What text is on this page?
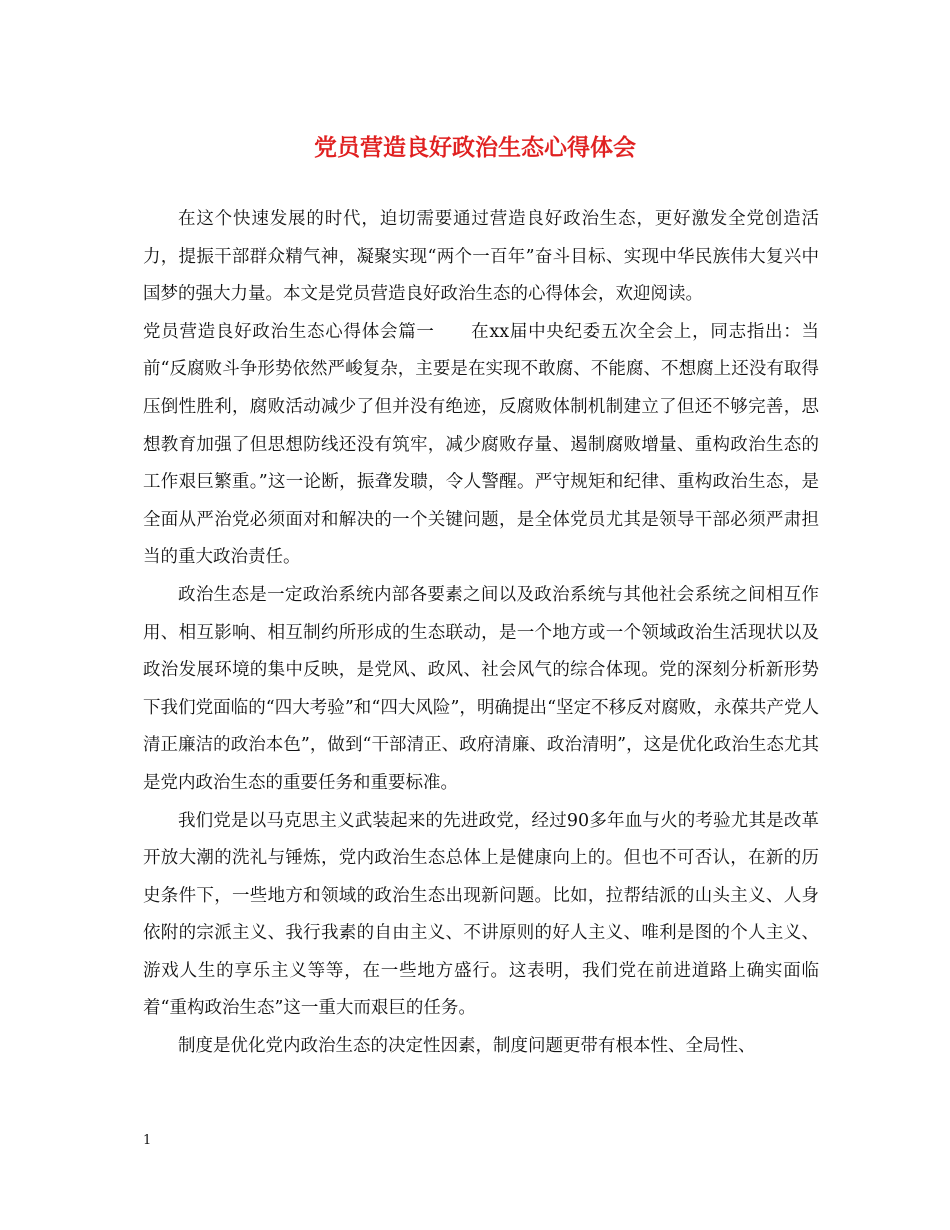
党员营造良好政治生态心得体会

在这个快速发展的时代，迫切需要通过营造良好政治生态，更好激发全党创造活力，提振干部群众精气神，凝聚实现“两个一百年”奋斗目标、实现中华民族伟大复兴中国梦的强大力量。本文是党员营造良好政治生态的心得体会，欢迎阅读。

党员营造良好政治生态心得体会篇一　　 在xx届中央纪委五次全会上，同志指出：当前“反腐败斗争形势依然严峻复杂，主要是在实现不敢腐、不能腐、不想腐上还没有取得压倒性胜利，腐败活动减少了但并没有绝迹，反腐败体制机制建立了但还不够完善，思想教育加强了但思想防线还没有筑牢，减少腐败存量、遏制腐败增量、重构政治生态的工作艰巨繁重。”这一论断，振聋发聩，令人警醒。严守规矩和纪律、重构政治生态，是全面从严治党必须面对和解决的一个关键问题，是全体党员尤其是领导干部必须严肃担当的重大政治责任。

政治生态是一定政治系统内部各要素之间以及政治系统与其他社会系统之间相互作用、相互影响、相互制约所形成的生态联动，是一个地方或一个领域政治生活现状以及政治发展环境的集中反映，是党风、政风、社会风气的综合体现。党的深刻分析新形势下我们党面临的“四大考验”和“四大风险”，明确提出“坚定不移反对腐败，永葆共产党人清正廉洁的政治本色”，做到“干部清正、政府清廉、政治清明”，这是优化政治生态尤其是党内政治生态的重要任务和重要标准。

我们党是以马克思主义武装起来的先进政党，经过90多年血与火的考验尤其是改革开放大潮的洗礼与锤炼，党内政治生态总体上是健康向上的。但也不可否认，在新的历史条件下，一些地方和领域的政治生态出现新问题。比如，拉帮结派的山头主义、人身依附的宗派主义、我行我素的自由主义、不讲原则的好人主义、唯利是图的个人主义、游戏人生的享乐主义等等，在一些地方盛行。这表明，我们党在前进道路上确实面临着“重构政治生态”这一重大而艰巨的任务。

制度是优化党内政治生态的决定性因素，制度问题更带有根本性、全局性、

1
